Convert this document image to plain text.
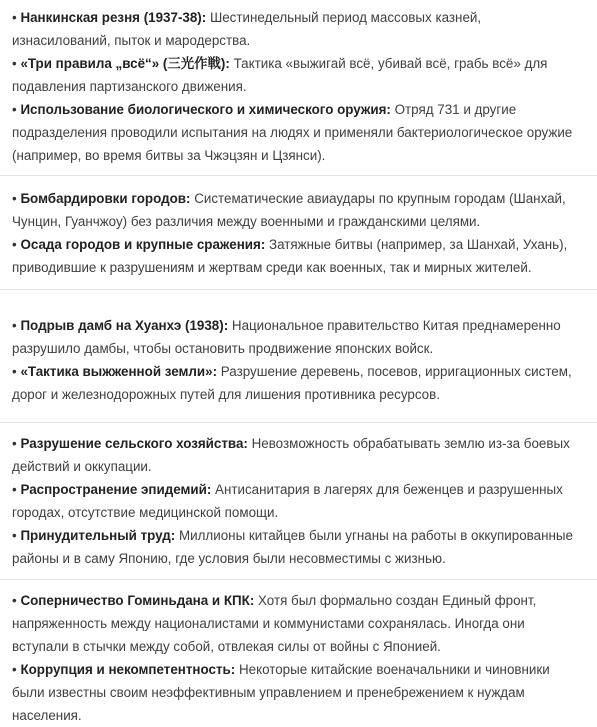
• Нанкинская резня (1937-38): Шестинедельный период массовых казней, изнасилований, пыток и мародерства.

• «Три правила „всё“» (三光作戦): Тактика «выжигай всё, убивай всё, грабь всё» для подавления партизанского движения.

• Использование биологического и химического оружия: Отряд 731 и другие подразделения проводили испытания на людях и применяли бактериологическое оружие (например, во время битвы за Чжэцзян и Цзянси).

• Бомбардировки городов: Систематические авиаудары по крупным городам (Шанхай, Чунцин, Гуанчжоу) без различия между военными и гражданскими целями.

• Осада городов и крупные сражения: Затяжные битвы (например, за Шанхай, Ухань), приводившие к разрушениям и жертвам среди как военных, так и мирных жителей.

• Подрыв дамб на Хуанхэ (1938): Национальное правительство Китая преднамеренно разрушило дамбы, чтобы остановить продвижение японских войск.

• «Тактика выжженной земли»: Разрушение деревень, посевов, ирригационных систем, дорог и железнодорожных путей для лишения противника ресурсов.

• Разрушение сельского хозяйства: Невозможность обрабатывать землю из-за боевых действий и оккупации.

• Распространение эпидемий: Антисанитария в лагерях для беженцев и разрушенных городах, отсутствие медицинской помощи.

• Принудительный труд: Миллионы китайцев были угнаны на работы в оккупированные районы и в саму Японию, где условия были несовместимы с жизнью.

• Соперничество Гоминьдана и КПК: Хотя был формально создан Единый фронт, напряженность между националистами и коммунистами сохранялась. Иногда они вступали в стычки между собой, отвлекая силы от войны с Японией.

• Коррупция и некомпетентность: Некоторые китайские военачальники и чиновники были известны своим неэффективным управлением и пренебрежением к нуждам населения.
